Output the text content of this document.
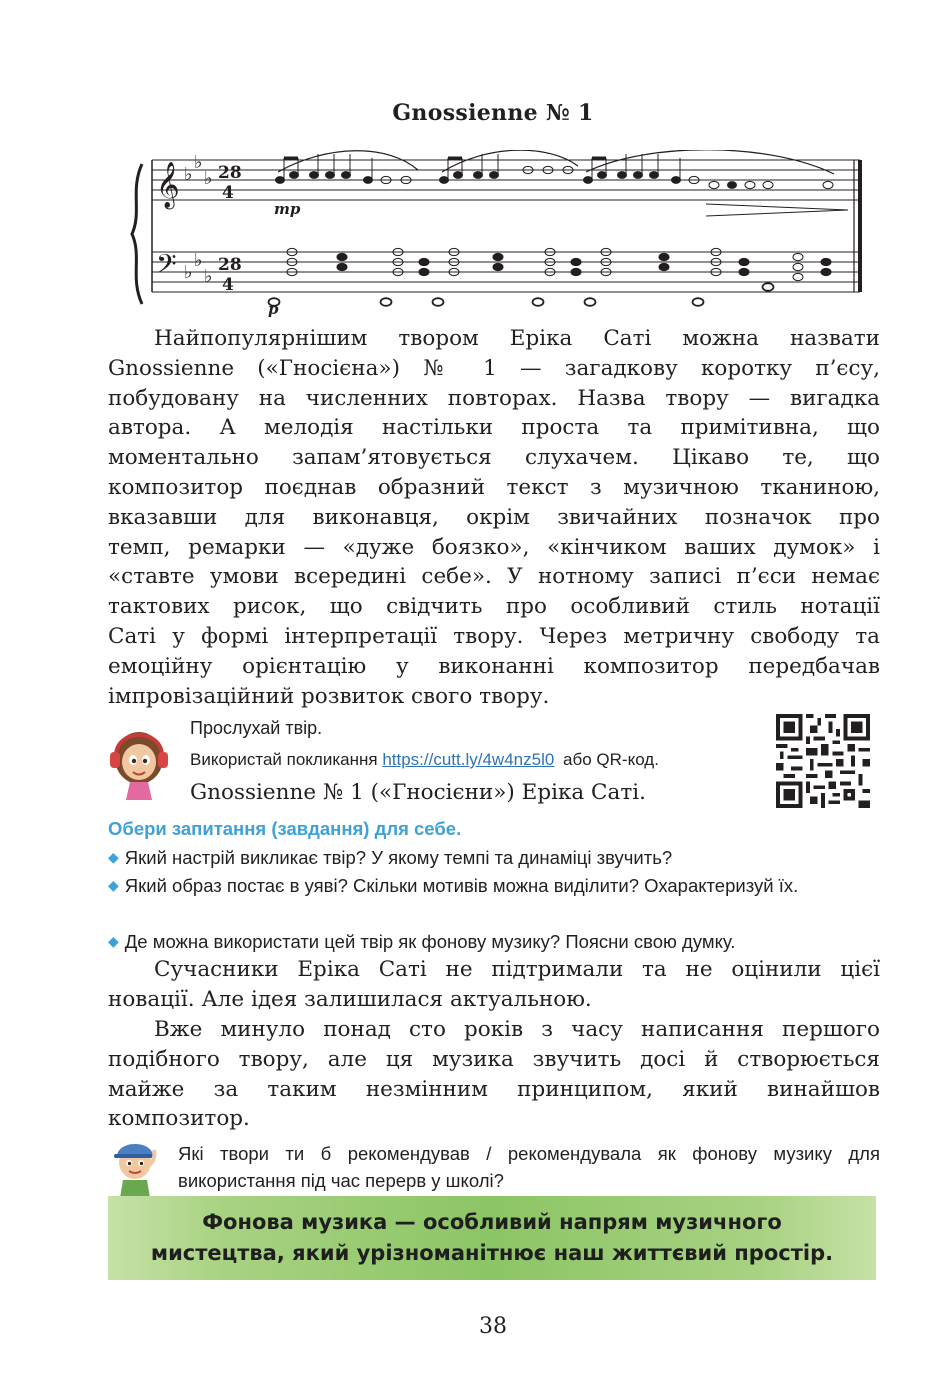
Gnossienne № 1
𝄞
𝄢
♭
♭
♭
♭
♭
♭
28
4
28
4
mp
p
Найпопулярнішим твором Еріка Саті можна назвати
Gnossienne («Гносієна») № 1 — загадкову коротку п’єсу,
побудовану на численних повторах. Назва твору — вигадка
автора. А мелодія настільки проста та примітивна, що
моментально запам’ятовується слухачем. Цікаво те, що
композитор поєднав образний текст з музичною тканиною,
вказавши для виконавця, окрім звичайних позначок про
темп, ремарки — «дуже боязко», «кінчиком ваших думок» і
«ставте умови всередині себе». У нотному записі п’єси немає
тактових рисок, що свідчить про особливий стиль нотації
Саті у формі інтерпретації твору. Через метричну свободу та
емоційну орієнтацію у виконанні композитор передбачав
імпровізаційний розвиток свого твору.
Прослухай твір.
Використай покликання https://cutt.ly/4w4nz5l0 або QR-код.
Gnossienne № 1 («Гносієни») Еріка Саті.
Обери запитання (завдання) для себе.
◆ Який настрій викликає твір? У якому темпі та динаміці звучить?
◆ Який образ постає в уяві? Скільки мотивів можна виділити? Охарактеризуй їх.
◆ Де можна використати цей твір як фонову музику? Поясни свою думку.
Сучасники Еріка Саті не підтримали та не оцінили цієї
новації. Але ідея залишилася актуальною.
Вже минуло понад сто років з часу написання першого
подібного твору, але ця музика звучить досі й створюється
майже за таким незмінним принципом, який винайшов
композитор.
Які твори ти б рекомендував / рекомендувала як фонову музику для використання під час перерв у школі?
Фонова музика — особливий напрям музичного
мистецтва, який урізноманітнює наш життєвий простір.
38
